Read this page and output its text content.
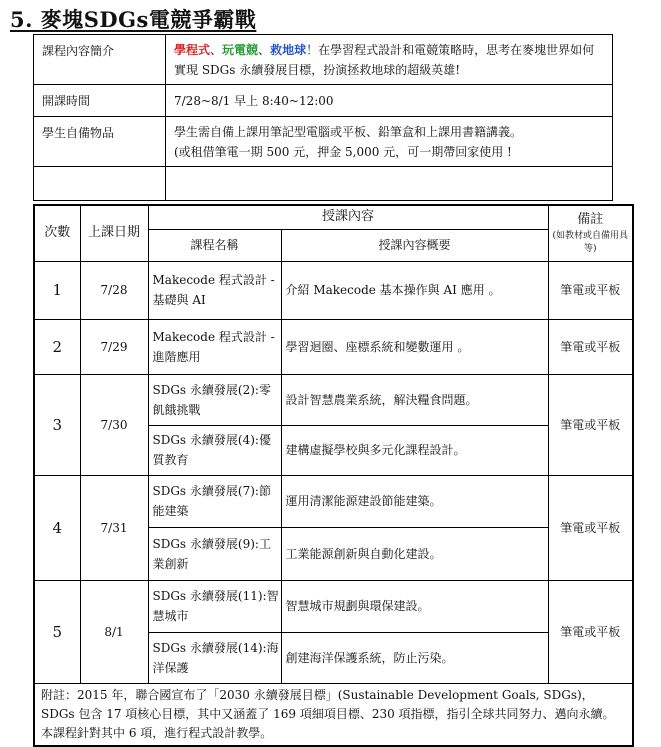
5. 麥塊SDGs電競爭霸戰
課程內容簡介	學程式、玩電競、救地球！在學習程式設計和電競策略時，思考在麥塊世界如何實現 SDGs 永續發展目標，扮演拯救地球的超級英雄!
開課時間	7/28~8/1 早上 8:40~12:00
學生自備物品	學生需自備上課用筆記型電腦或平板、鉛筆盒和上課用書籍講義。
(或租借筆電一期 500 元，押金 5,000 元，可一期帶回家使用 !

次數	上課日期	授課內容		備註
(如教材或自備用具等)

		課程名稱	授課內容概要	
1	7/28	Makecode 程式設計 -基礎與 AI	介紹 Makecode 基本操作與 AI 應用 。	筆電或平板
2	7/29	Makecode 程式設計 -進階應用	學習迴圈、座標系統和變數運用 。	筆電或平板
3	7/30	SDGs 永續發展(2):零飢餓挑戰	設計智慧農業系統，解決糧食問題。	筆電或平板
		SDGs 永續發展(4):優質教育	建構虛擬學校與多元化課程設計。	
4	7/31	SDGs 永續發展(7):節能建築	運用清潔能源建設節能建築。	筆電或平板
		SDGs 永續發展(9):工業創新	工業能源創新與自動化建設。	
5	8/1	SDGs 永續發展(11):智慧城市	智慧城市規劃與環保建設。	筆電或平板
		SDGs 永續發展(14):海洋保護	創建海洋保護系統，防止污染。	
附註：2015 年，聯合國宣布了「2030 永續發展目標」(Sustainable Development Goals, SDGs)，SDGs 包含 17 項核心目標，其中又涵蓋了 169 項細項目標、230 項指標，指引全球共同努力、邁向永續。本課程針對其中 6 項，進行程式設計教學。				
